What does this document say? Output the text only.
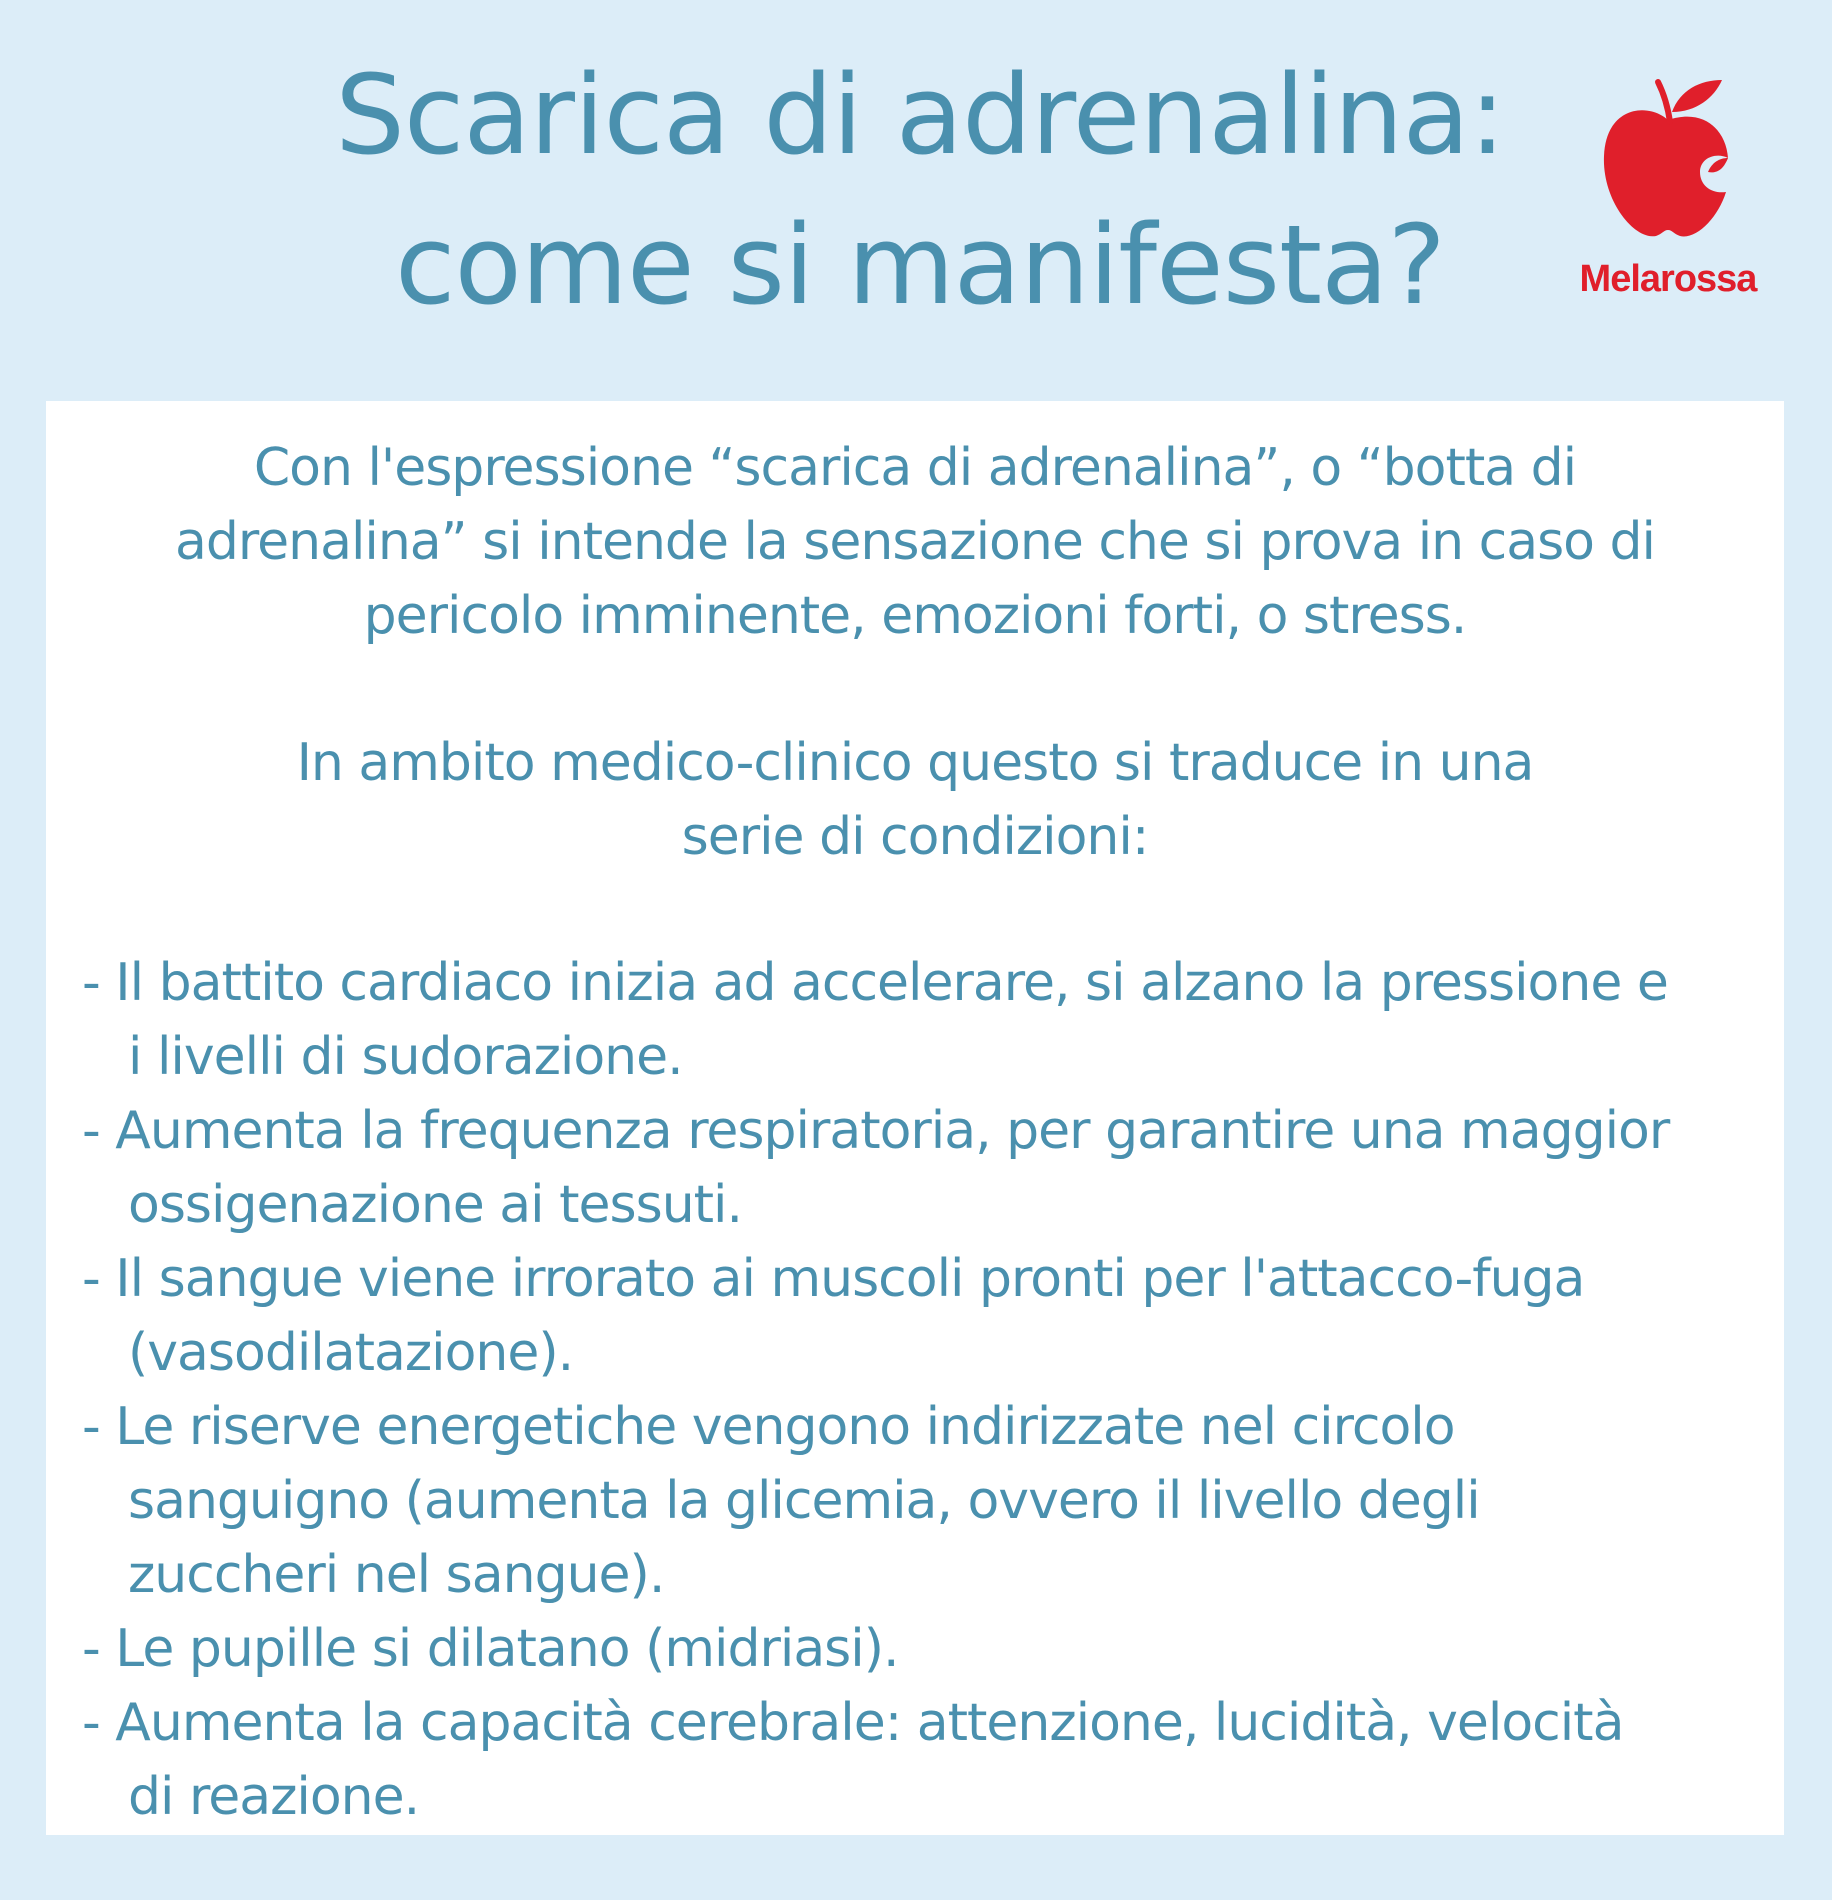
Scarica di adrenalina:
come si manifesta?	Melarossa

Con l'espressione “scarica di adrenalina”, o “botta di
adrenalina” si intende la sensazione che si prova in caso di
pericolo imminente, emozioni forti, o stress.

In ambito medico-clinico questo si traduce in una
serie di condizioni:

- Il battito cardiaco inizia ad accelerare, si alzano la pressione e
i livelli di sudorazione.
- Aumenta la frequenza respiratoria, per garantire una maggior
ossigenazione ai tessuti.
- Il sangue viene irrorato ai muscoli pronti per l'attacco-fuga
(vasodilatazione).
- Le riserve energetiche vengono indirizzate nel circolo
sanguigno (aumenta la glicemia, ovvero il livello degli
zuccheri nel sangue).
- Le pupille si dilatano (midriasi).
- Aumenta la capacità cerebrale: attenzione, lucidità, velocità
di reazione.
